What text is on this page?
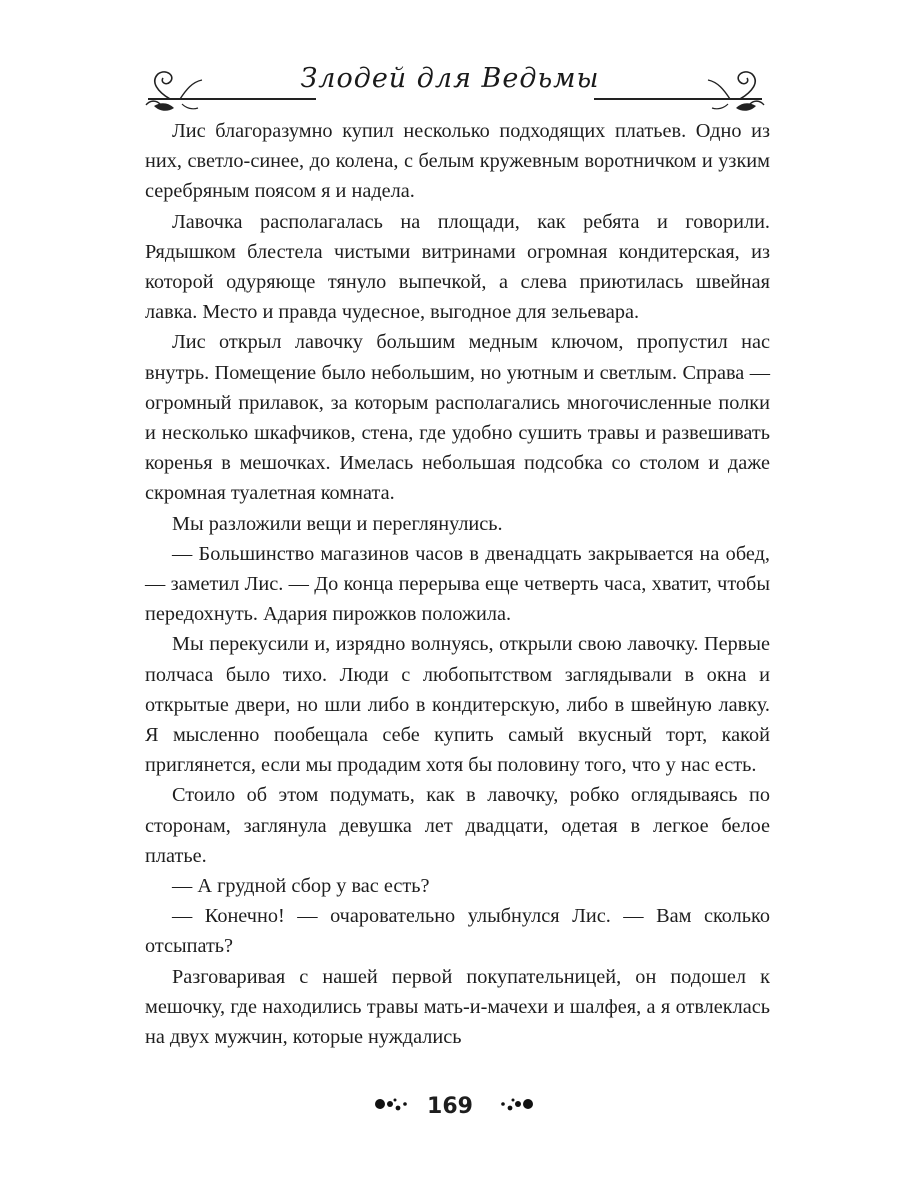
Злодей для Ведьмы

Лис благоразумно купил несколько подходящих платьев. Одно из них, светло-синее, до колена, с белым кружевным воротничком и узким серебряным поясом я и надела.

Лавочка располагалась на площади, как ребята и говорили. Рядышком блестела чистыми витринами огромная кондитерская, из которой одуряюще тянуло выпечкой, а слева приютилась швейная лавка. Место и правда чудесное, выгодное для зельевара.

Лис открыл лавочку большим медным ключом, пропустил нас внутрь. Помещение было небольшим, но уютным и светлым. Справа — огромный прилавок, за которым располагались многочисленные полки и несколько шкафчиков, стена, где удобно сушить травы и развешивать коренья в мешочках. Имелась небольшая подсобка со столом и даже скромная туалетная комната.

Мы разложили вещи и переглянулись.

— Большинство магазинов часов в двенадцать закрывается на обед, — заметил Лис. — До конца перерыва еще четверть часа, хватит, чтобы передохнуть. Адария пирожков положила.

Мы перекусили и, изрядно волнуясь, открыли свою лавочку. Первые полчаса было тихо. Люди с любопытством заглядывали в окна и открытые двери, но шли либо в кондитерскую, либо в швейную лавку. Я мысленно пообещала себе купить самый вкусный торт, какой приглянется, если мы продадим хотя бы половину того, что у нас есть.

Стоило об этом подумать, как в лавочку, робко оглядываясь по сторонам, заглянула девушка лет двадцати, одетая в легкое белое платье.

— А грудной сбор у вас есть?

— Конечно! — очаровательно улыбнулся Лис. — Вам сколько отсыпать?

Разговаривая с нашей первой покупательницей, он подошел к мешочку, где находились травы мать-и-мачехи и шалфея, а я отвлеклась на двух мужчин, которые нуждались

169
